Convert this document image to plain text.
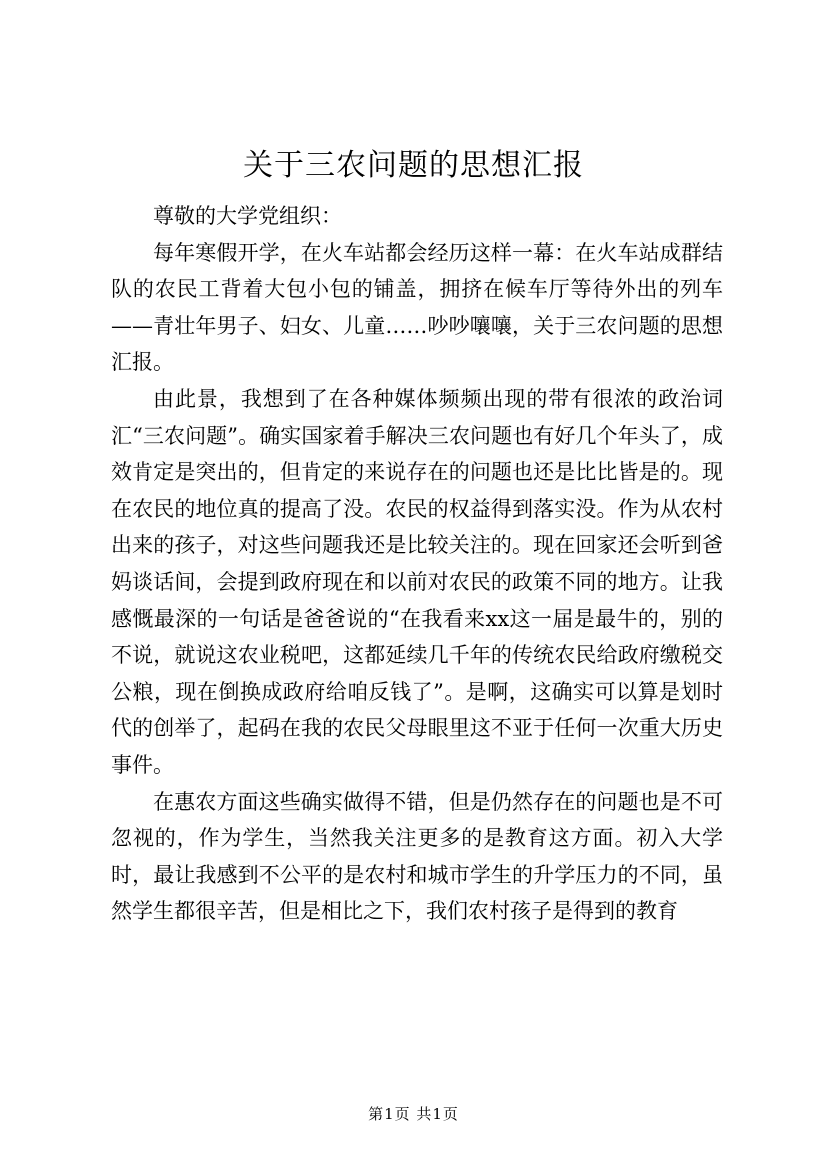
关于三农问题的思想汇报

尊敬的大学党组织：

每年寒假开学，在火车站都会经历这样一幕：在火车站成群结队的农民工背着大包小包的铺盖，拥挤在候车厅等待外出的列车——青壮年男子、妇女、儿童……吵吵嚷嚷，关于三农问题的思想汇报。

由此景，我想到了在各种媒体频频出现的带有很浓的政治词汇“三农问题”。确实国家着手解决三农问题也有好几个年头了，成效肯定是突出的，但肯定的来说存在的问题也还是比比皆是的。现在农民的地位真的提高了没。农民的权益得到落实没。作为从农村出来的孩子，对这些问题我还是比较关注的。现在回家还会听到爸妈谈话间，会提到政府现在和以前对农民的政策不同的地方。让我感慨最深的一句话是爸爸说的“在我看来xx这一届是最牛的，别的不说，就说这农业税吧，这都延续几千年的传统农民给政府缴税交公粮，现在倒换成政府给咱反钱了”。是啊，这确实可以算是划时代的创举了，起码在我的农民父母眼里这不亚于任何一次重大历史事件。

在惠农方面这些确实做得不错，但是仍然存在的问题也是不可忽视的，作为学生，当然我关注更多的是教育这方面。初入大学时，最让我感到不公平的是农村和城市学生的升学压力的不同，虽然学生都很辛苦，但是相比之下，我们农村孩子是得到的教育

第1页 共1页
